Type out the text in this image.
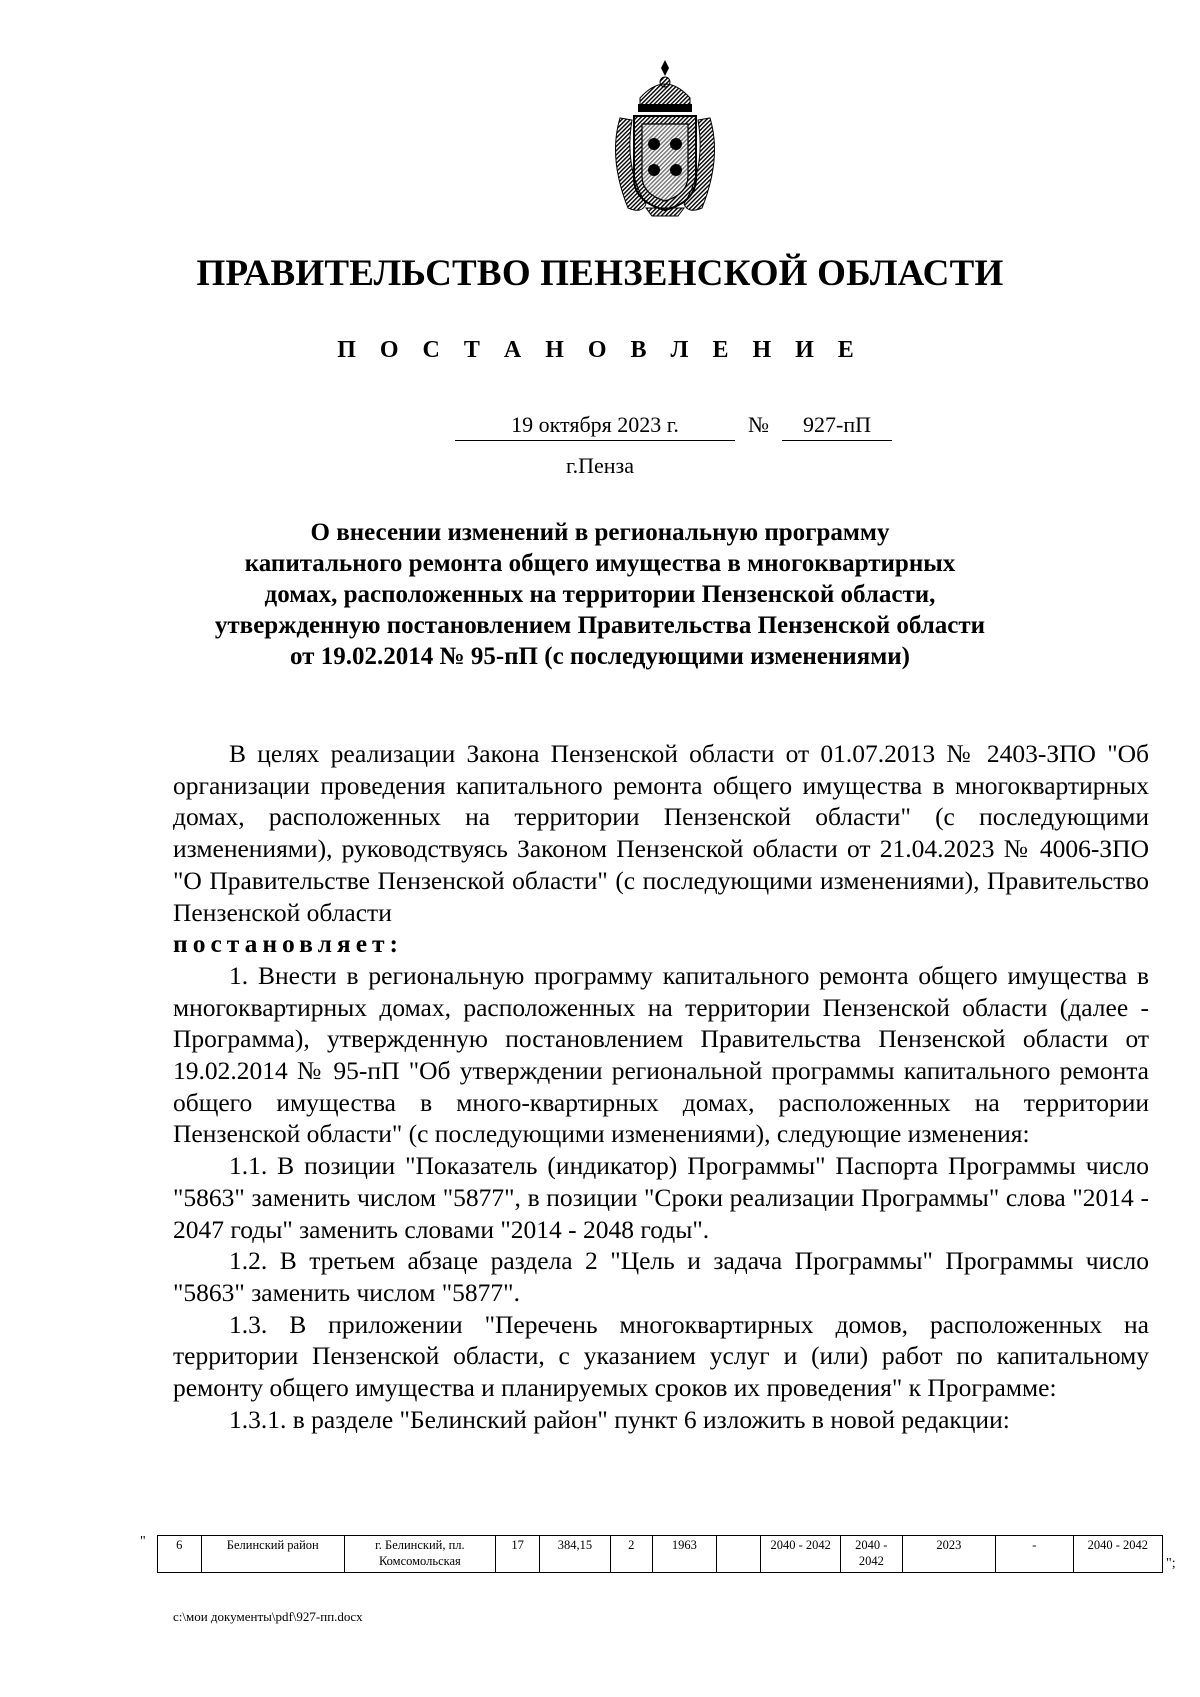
ПРАВИТЕЛЬСТВО ПЕНЗЕНСКОЙ ОБЛАСТИ
П О С Т А Н О В Л Е Н И Е
19 октября 2023 г.	№	927-пП
г.Пенза
О внесении изменений в региональную программу
капитального ремонта общего имущества в многоквартирных
домах, расположенных на территории Пензенской области,
утвержденную постановлением Правительства Пензенской области
от 19.02.2014 № 95-пП (с последующими изменениями)

В целях реализации Закона Пензенской области от 01.07.2013 № 2403-ЗПО "Об организации проведения капитального ремонта общего имущества в многоквартирных домах, расположенных на территории Пензенской области" (с последующими изменениями), руководствуясь Законом Пензенской области от 21.04.2023 № 4006-ЗПО "О Правительстве Пензенской области" (с последующими изменениями), Правительство Пензенской области

постановляет:

1. Внести в региональную программу капитального ремонта общего имущества в многоквартирных домах, расположенных на территории Пензенской области (далее - Программа), утвержденную постановлением Правительства Пензенской области от 19.02.2014 № 95-пП "Об утверждении региональной программы капитального ремонта общего имущества в много-квартирных домах, расположенных на территории Пензенской области" (с последующими изменениями), следующие изменения:

1.1. В позиции "Показатель (индикатор) Программы" Паспорта Программы число "5863" заменить числом "5877", в позиции "Сроки реализации Программы" слова "2014 - 2047 годы" заменить словами "2014 - 2048 годы".

1.2. В третьем абзаце раздела 2 "Цель и задача Программы" Программы число "5863" заменить числом "5877".

1.3. В приложении "Перечень многоквартирных домов, расположенных на территории Пензенской области, с указанием услуг и (или) работ по капитальному ремонту общего имущества и планируемых сроков их проведения" к Программе:

1.3.1. в разделе "Белинский район" пункт 6 изложить в новой редакции:

" 6	Белинский район	г. Белинский, пл. Комсомольская	17	384,15	2	1963		2040 - 2042	2040 - 2042	2023	-	2040 - 2042
";
c:\мои документы\pdf\927-пп.docx
